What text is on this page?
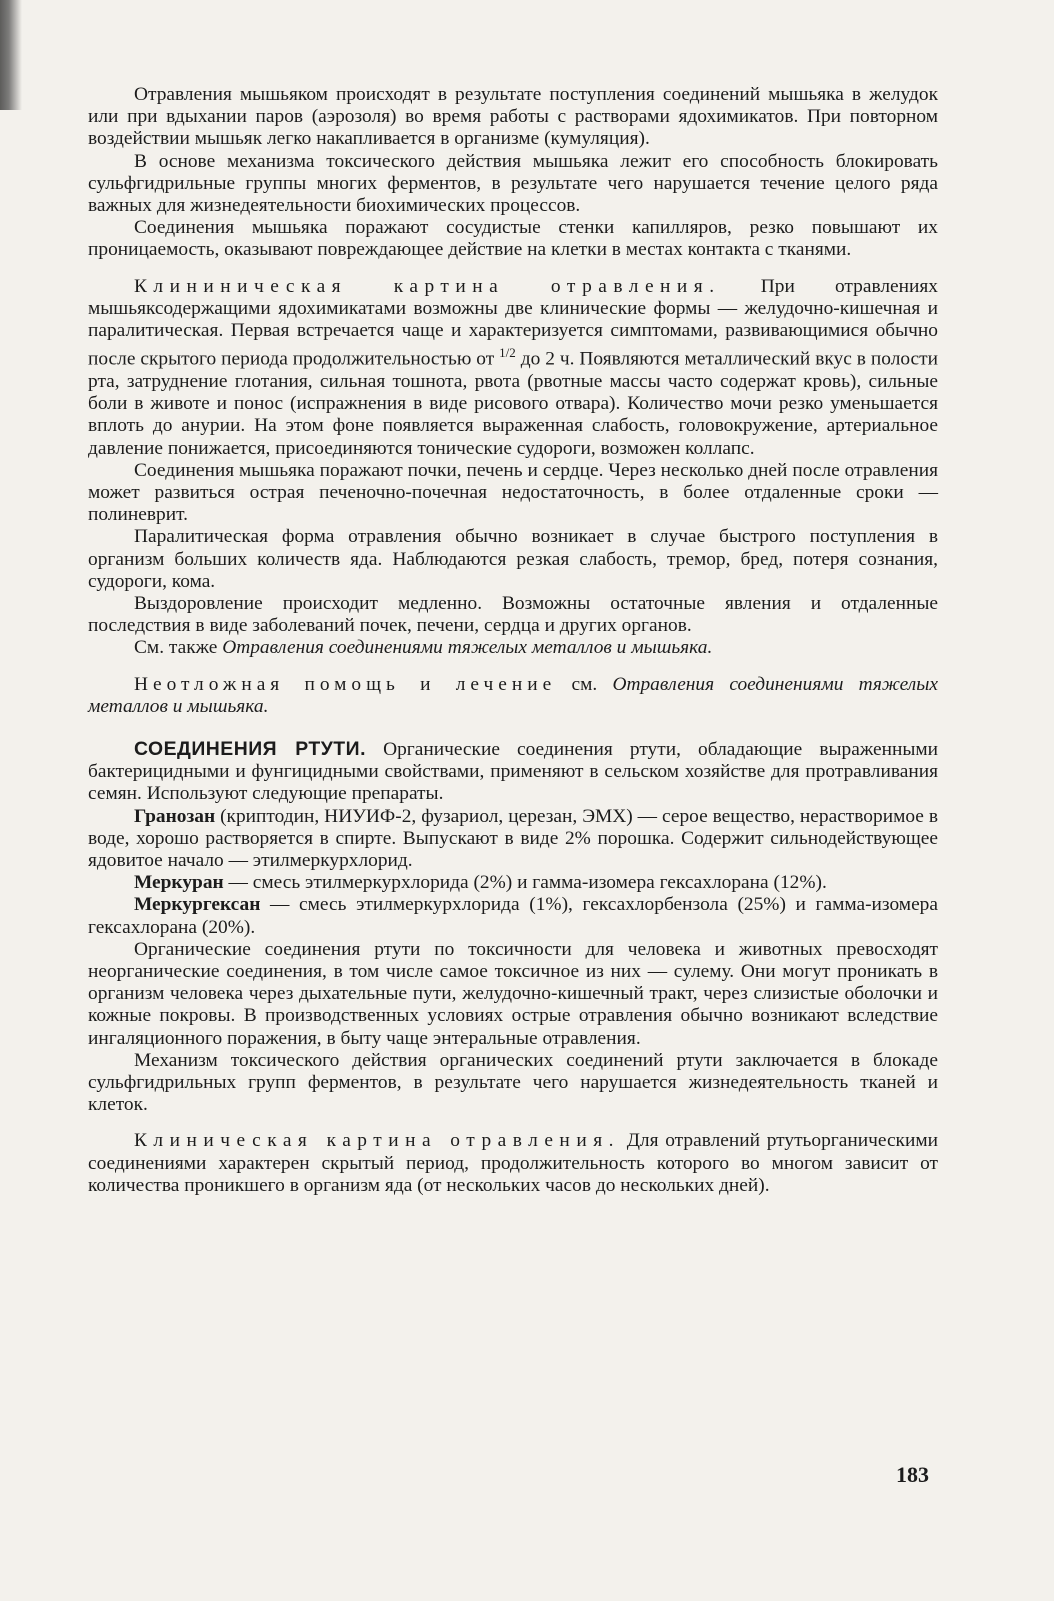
Отравления мышьяком происходят в результате поступления соединений мышьяка в желудок или при вдыхании паров (аэрозоля) во время работы с растворами ядохимикатов. При повторном воздействии мышьяк легко накапливается в организме (кумуляция).

В основе механизма токсического действия мышьяка лежит его способность блокировать сульфгидрильные группы многих ферментов, в результате чего нарушается течение целого ряда важных для жизнедеятельности биохимических процессов.

Соединения мышьяка поражают сосудистые стенки капилляров, резко повышают их проницаемость, оказывают повреждающее действие на клетки в местах контакта с тканями.

Клининическая картина отравления. При отравлениях мышьяксодержащими ядохимикатами возможны две клинические формы — желудочно-кишечная и паралитическая. Первая встречается чаще и характеризуется симптомами, развивающимися обычно после скрытого периода продолжительностью от $^{1/2}$ до 2 ч. Появляются металлический вкус в полости рта, затруднение глотания, сильная тошнота, рвота (рвотные массы часто содержат кровь), сильные боли в животе и понос (испражнения в виде рисового отвара). Количество мочи резко уменьшается вплоть до анурии. На этом фоне появляется выраженная слабость, головокружение, артериальное давление понижается, присоединяются тонические судороги, возможен коллапс.

Соединения мышьяка поражают почки, печень и сердце. Через несколько дней после отравления может развиться острая печеночно-почечная недостаточность, в более отдаленные сроки — полиневрит.

Паралитическая форма отравления обычно возникает в случае быстрого поступления в организм больших количеств яда. Наблюдаются резкая слабость, тремор, бред, потеря сознания, судороги, кома.

Выздоровление происходит медленно. Возможны остаточные явления и отдаленные последствия в виде заболеваний почек, печени, сердца и других органов.

См. также Отравления соединениями тяжелых металлов и мышьяка.

Неотложная помощь и лечение см. Отравления соединениями тяжелых металлов и мышьяка.

СОЕДИНЕНИЯ РТУТИ. Органические соединения ртути, обладающие выраженными бактерицидными и фунгицидными свойствами, применяют в сельском хозяйстве для протравливания семян. Используют следующие препараты.

Гранозан (криптодин, НИУИФ-2, фузариол, церезан, ЭМХ) — серое вещество, нерастворимое в воде, хорошо растворяется в спирте. Выпускают в виде 2% порошка. Содержит сильнодействующее ядовитое начало — этилмеркурхлорид.

Меркуран — смесь этилмеркурхлорида (2%) и гамма-изомера гексахлорана (12%).

Меркургексан — смесь этилмеркурхлорида (1%), гексахлорбензола (25%) и гамма-изомера гексахлорана (20%).

Органические соединения ртути по токсичности для человека и животных превосходят неорганические соединения, в том числе самое токсичное из них — сулему. Они могут проникать в организм человека через дыхательные пути, желудочно-кишечный тракт, через слизистые оболочки и кожные покровы. В производственных условиях острые отравления обычно возникают вследствие ингаляционного поражения, в быту чаще энтеральные отравления.

Механизм токсического действия органических соединений ртути заключается в блокаде сульфгидрильных групп ферментов, в результате чего нарушается жизнедеятельность тканей и клеток.

Клиническая картина отравления. Для отравлений ртутьорганическими соединениями характерен скрытый период, продолжительность которого во многом зависит от количества проникшего в организм яда (от нескольких часов до нескольких дней).

183
